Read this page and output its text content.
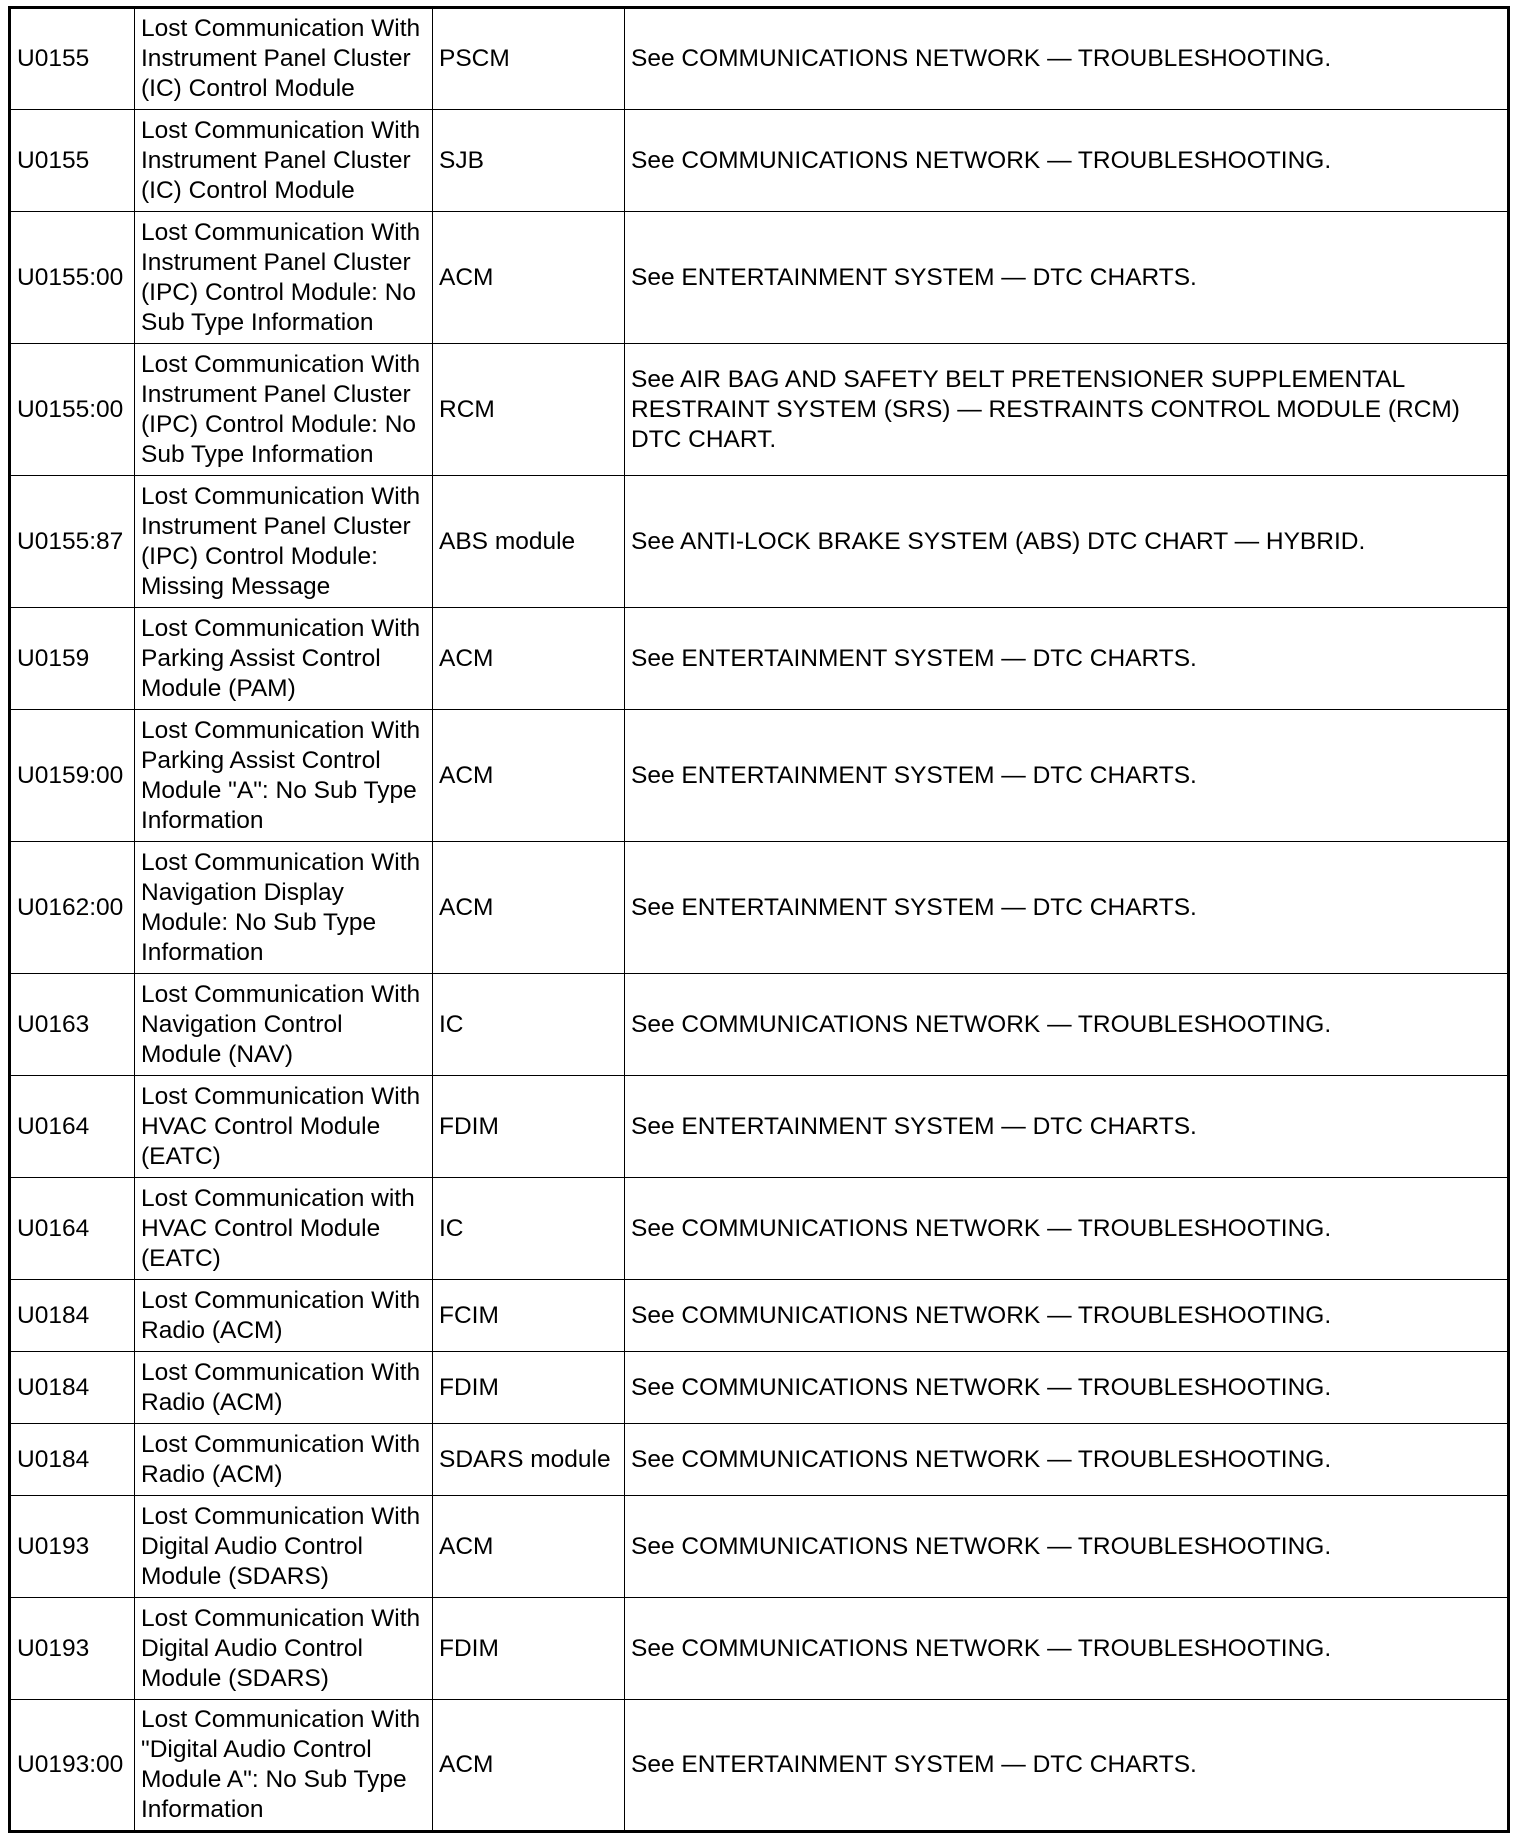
U0155	Lost Communication With Instrument Panel Cluster (IC) Control Module	PSCM	See COMMUNICATIONS NETWORK — TROUBLESHOOTING.
U0155	Lost Communication With Instrument Panel Cluster (IC) Control Module	SJB	See COMMUNICATIONS NETWORK — TROUBLESHOOTING.
U0155:00	Lost Communication With Instrument Panel Cluster (IPC) Control Module: No Sub Type Information	ACM	See ENTERTAINMENT SYSTEM — DTC CHARTS.
U0155:00	Lost Communication With Instrument Panel Cluster (IPC) Control Module: No Sub Type Information	RCM	See AIR BAG AND SAFETY BELT PRETENSIONER SUPPLEMENTAL RESTRAINT SYSTEM (SRS) — RESTRAINTS CONTROL MODULE (RCM) DTC CHART.
U0155:87	Lost Communication With Instrument Panel Cluster (IPC) Control Module: Missing Message	ABS module	See ANTI-LOCK BRAKE SYSTEM (ABS) DTC CHART — HYBRID.
U0159	Lost Communication With Parking Assist Control Module (PAM)	ACM	See ENTERTAINMENT SYSTEM — DTC CHARTS.
U0159:00	Lost Communication With Parking Assist Control Module "A": No Sub Type Information	ACM	See ENTERTAINMENT SYSTEM — DTC CHARTS.
U0162:00	Lost Communication With Navigation Display Module: No Sub Type Information	ACM	See ENTERTAINMENT SYSTEM — DTC CHARTS.
U0163	Lost Communication With Navigation Control Module (NAV)	IC	See COMMUNICATIONS NETWORK — TROUBLESHOOTING.
U0164	Lost Communication With HVAC Control Module (EATC)	FDIM	See ENTERTAINMENT SYSTEM — DTC CHARTS.
U0164	Lost Communication with HVAC Control Module (EATC)	IC	See COMMUNICATIONS NETWORK — TROUBLESHOOTING.
U0184	Lost Communication With Radio (ACM)	FCIM	See COMMUNICATIONS NETWORK — TROUBLESHOOTING.
U0184	Lost Communication With Radio (ACM)	FDIM	See COMMUNICATIONS NETWORK — TROUBLESHOOTING.
U0184	Lost Communication With Radio (ACM)	SDARS module	See COMMUNICATIONS NETWORK — TROUBLESHOOTING.
U0193	Lost Communication With Digital Audio Control Module (SDARS)	ACM	See COMMUNICATIONS NETWORK — TROUBLESHOOTING.
U0193	Lost Communication With Digital Audio Control Module (SDARS)	FDIM	See COMMUNICATIONS NETWORK — TROUBLESHOOTING.
U0193:00	Lost Communication With "Digital Audio Control Module A": No Sub Type Information	ACM	See ENTERTAINMENT SYSTEM — DTC CHARTS.
